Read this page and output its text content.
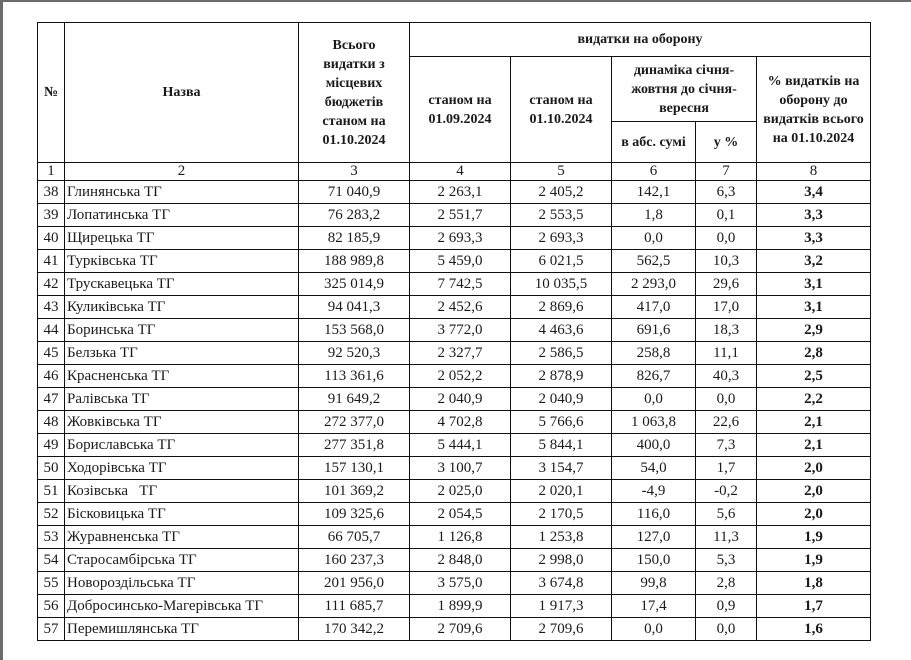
№	Назва	Всього видатки з місцевих бюджетів станом на 01.10.2024	видатки на оборону				
			станом на 01.09.2024	станом на 01.10.2024	динаміка січня-жовтня до січня-вересня		% видатків на оборону до видатків всього на 01.10.2024
					в абс. сумі	у %	
1	2	3	4	5	6	7	8
38	Глинянська ТГ	71 040,9	2 263,1	2 405,2	142,1	6,3	3,4
39	Лопатинська ТГ	76 283,2	2 551,7	2 553,5	1,8	0,1	3,3
40	Щирецька ТГ	82 185,9	2 693,3	2 693,3	0,0	0,0	3,3
41	Турківська ТГ	188 989,8	5 459,0	6 021,5	562,5	10,3	3,2
42	Трускавецька ТГ	325 014,9	7 742,5	10 035,5	2 293,0	29,6	3,1
43	Куликівська ТГ	94 041,3	2 452,6	2 869,6	417,0	17,0	3,1
44	Боринська ТГ	153 568,0	3 772,0	4 463,6	691,6	18,3	2,9
45	Белзька ТГ	92 520,3	2 327,7	2 586,5	258,8	11,1	2,8
46	Красненська ТГ	113 361,6	2 052,2	2 878,9	826,7	40,3	2,5
47	Ралівська ТГ	91 649,2	2 040,9	2 040,9	0,0	0,0	2,2
48	Жовківська ТГ	272 377,0	4 702,8	5 766,6	1 063,8	22,6	2,1
49	Бориславська ТГ	277 351,8	5 444,1	5 844,1	400,0	7,3	2,1
50	Ходорівська ТГ	157 130,1	3 100,7	3 154,7	54,0	1,7	2,0
51	Козівська   ТГ	101 369,2	2 025,0	2 020,1	-4,9	-0,2	2,0
52	Бісковицька ТГ	109 325,6	2 054,5	2 170,5	116,0	5,6	2,0
53	Журавненська ТГ	66 705,7	1 126,8	1 253,8	127,0	11,3	1,9
54	Старосамбірська ТГ	160 237,3	2 848,0	2 998,0	150,0	5,3	1,9
55	Новороздільська ТГ	201 956,0	3 575,0	3 674,8	99,8	2,8	1,8
56	Добросинсько-Магерівська ТГ	111 685,7	1 899,9	1 917,3	17,4	0,9	1,7
57	Перемишлянська ТГ	170 342,2	2 709,6	2 709,6	0,0	0,0	1,6
